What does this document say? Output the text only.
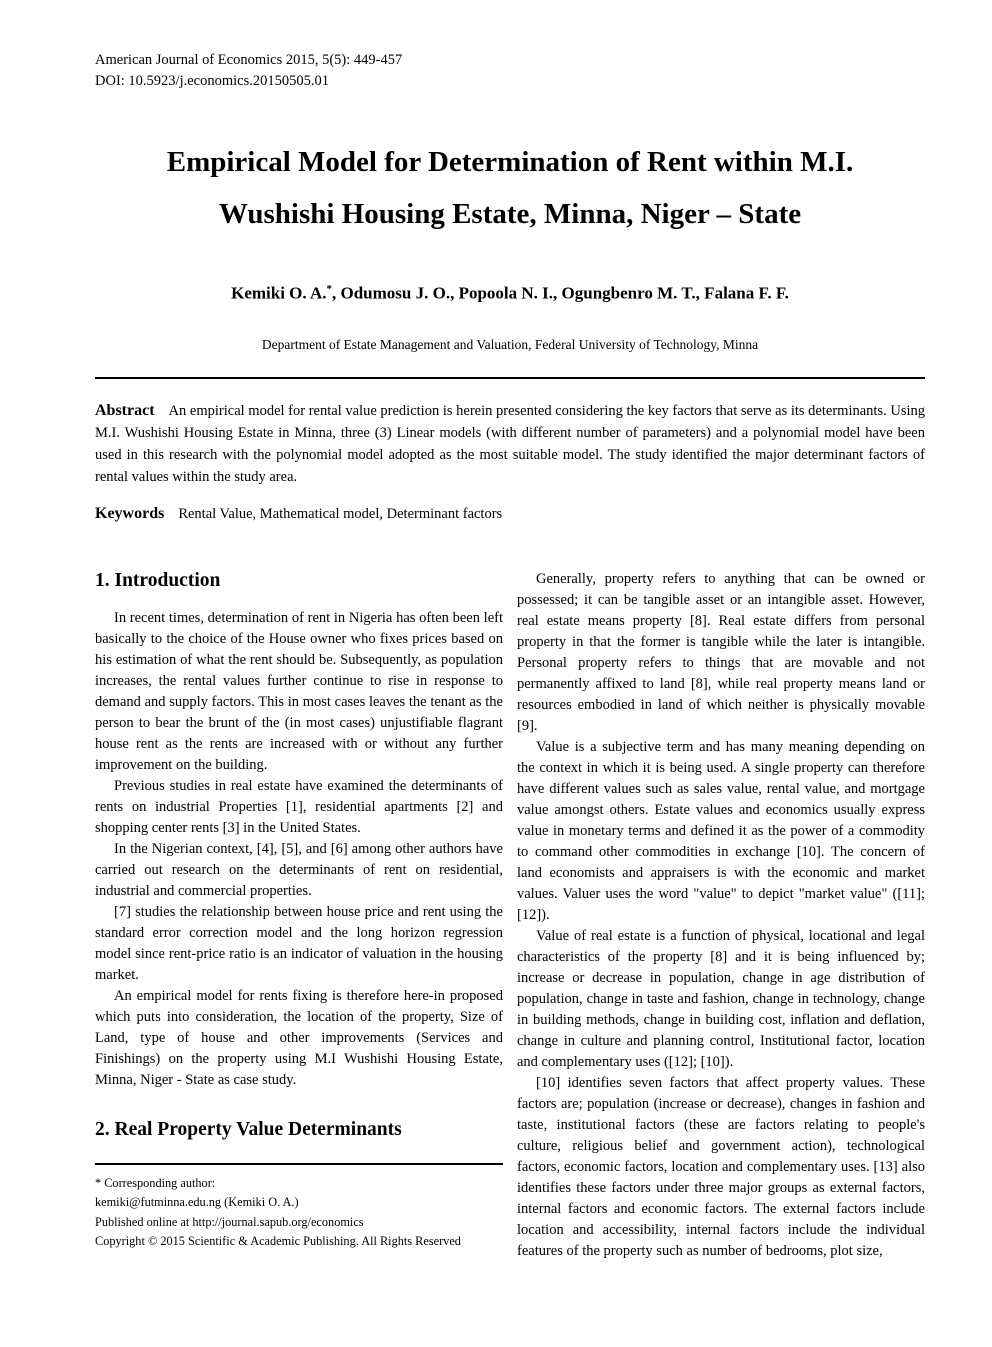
American Journal of Economics 2015, 5(5): 449-457
DOI: 10.5923/j.economics.20150505.01
Empirical Model for Determination of Rent within M.I.
Wushishi Housing Estate, Minna, Niger – State
Kemiki O. A.*, Odumosu J. O., Popoola N. I., Ogungbenro M. T., Falana F. F.
Department of Estate Management and Valuation, Federal University of Technology, Minna

Abstract An empirical model for rental value prediction is herein presented considering the key factors that serve as its determinants. Using M.I. Wushishi Housing Estate in Minna, three (3) Linear models (with different number of parameters) and a polynomial model have been used in this research with the polynomial model adopted as the most suitable model. The study identified the major determinant factors of rental values within the study area.

Keywords Rental Value, Mathematical model, Determinant factors

1. Introduction

In recent times, determination of rent in Nigeria has often been left basically to the choice of the House owner who fixes prices based on his estimation of what the rent should be. Subsequently, as population increases, the rental values further continue to rise in response to demand and supply factors. This in most cases leaves the tenant as the person to bear the brunt of the (in most cases) unjustifiable flagrant house rent as the rents are increased with or without any further improvement on the building.

Previous studies in real estate have examined the determinants of rents on industrial Properties [1], residential apartments [2] and shopping center rents [3] in the United States.

In the Nigerian context, [4], [5], and [6] among other authors have carried out research on the determinants of rent on residential, industrial and commercial properties.

[7] studies the relationship between house price and rent using the standard error correction model and the long horizon regression model since rent-price ratio is an indicator of valuation in the housing market.

An empirical model for rents fixing is therefore here-in proposed which puts into consideration, the location of the property, Size of Land, type of house and other improvements (Services and Finishings) on the property using M.I Wushishi Housing Estate, Minna, Niger - State as case study.

2. Real Property Value Determinants
* Corresponding author:
kemiki@futminna.edu.ng (Kemiki O. A.)
Published online at http://journal.sapub.org/economics
Copyright © 2015 Scientific & Academic Publishing. All Rights Reserved

Generally, property refers to anything that can be owned or possessed; it can be tangible asset or an intangible asset. However, real estate means property [8]. Real estate differs from personal property in that the former is tangible while the later is intangible. Personal property refers to things that are movable and not permanently affixed to land [8], while real property means land or resources embodied in land of which neither is physically movable [9].

Value is a subjective term and has many meaning depending on the context in which it is being used. A single property can therefore have different values such as sales value, rental value, and mortgage value amongst others. Estate values and economics usually express value in monetary terms and defined it as the power of a commodity to command other commodities in exchange [10]. The concern of land economists and appraisers is with the economic and market values. Valuer uses the word "value" to depict "market value" ([11]; [12]).

Value of real estate is a function of physical, locational and legal characteristics of the property [8] and it is being influenced by; increase or decrease in population, change in age distribution of population, change in taste and fashion, change in technology, change in building methods, change in building cost, inflation and deflation, change in culture and planning control, Institutional factor, location and complementary uses ([12]; [10]).

[10] identifies seven factors that affect property values. These factors are; population (increase or decrease), changes in fashion and taste, institutional factors (these are factors relating to people's culture, religious belief and government action), technological factors, economic factors, location and complementary uses. [13] also identifies these factors under three major groups as external factors, internal factors and economic factors. The external factors include location and accessibility, internal factors include the individual features of the property such as number of bedrooms, plot size,
